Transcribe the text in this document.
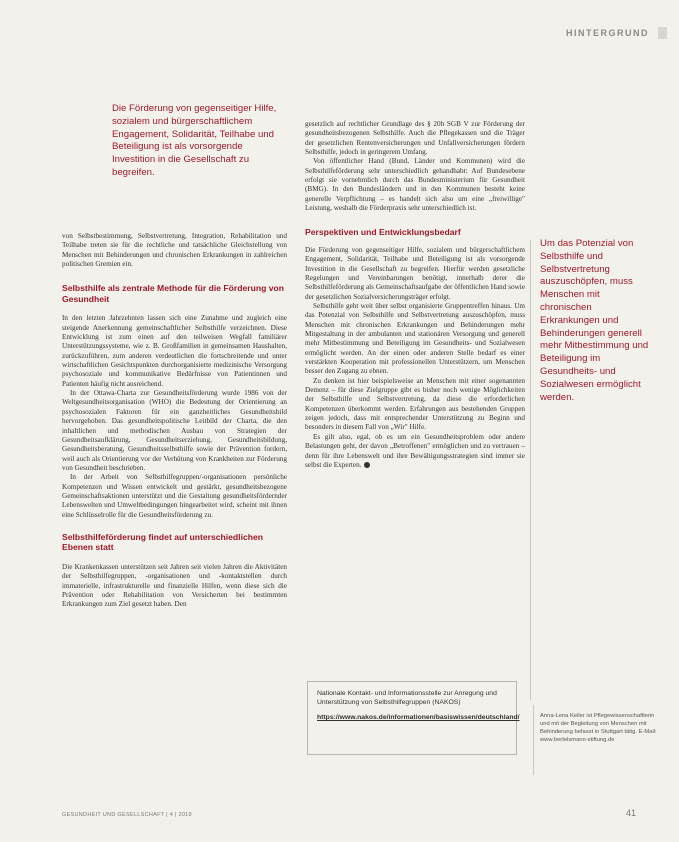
HINTERGRUND
Die Förderung von gegenseitiger Hilfe, sozialem und bürgerschaftlichem Engagement, Solidarität, Teilhabe und Beteiligung ist als vorsorgende Investition in die Gesellschaft zu begreifen.

von Selbstbestimmung, Selbstvertretung, Integration, Rehabilitation und Teilhabe treten sie für die rechtliche und tatsächliche Gleichstellung von Menschen mit Behinderungen und chronischen Erkrankungen in zahlreichen politischen Gremien ein.

Selbsthilfe als zentrale Methode für die Förderung von Gesundheit

In den letzten Jahrzehnten lassen sich eine Zunahme und zugleich eine steigende Anerkennung gemeinschaftlicher Selbsthilfe verzeichnen. Diese Entwicklung ist zum einen auf den teilweisen Wegfall familiärer Unterstützungssysteme, wie z. B. Großfamilien in gemeinsamen Haushalten, zurückzuführen, zum anderen verdeutlichen die fortschreitende und unter wirtschaftlichen Gesichtspunkten durchorganisierte medizinische Versorgung psychosoziale und kommunikative Bedürfnisse von Patientinnen und Patienten häufig nicht ausreichend.

In der Ottawa-Charta zur Gesundheitsförderung wurde 1986 von der Weltgesundheitsorganisation (WHO) die Bedeutung der Orientierung an psychosozialen Faktoren für ein ganzheitliches Gesundheitsbild hervorgehoben. Das gesundheitspolitische Leitbild der Charta, die den inhaltlichen und methodischen Ausbau von Strategien der Gesundheitsaufklärung, Gesundheitserziehung, Gesundheitsbildung, Gesundheitsberatung, Gesundheitsselbsthilfe sowie der Prävention fordern, weil auch als Orientierung vor der Verhütung von Krankheiten zur Förderung von Gesundheit beschrieben.

In der Arbeit von Selbsthilfegruppen/-organisationen persönliche Kompetenzen und Wissen entwickelt und gestärkt, gesundheitsbezogene Gemeinschaftsaktionen unterstützt und die Gestaltung gesundheitsfördernder Lebenswelten und Umweltbedingungen hingearbeitet wird, scheint mit ihnen eine Schlüsselrolle für die Gesundheitsförderung zu.

Selbsthilfeförderung findet auf unterschiedlichen Ebenen statt

Die Krankenkassen unterstützen seit Jahren seit vielen Jahren die Aktivitäten der Selbsthilfegruppen, -organisationen und -kontaktstellen durch immaterielle, infrastrukturelle und finanzielle Hilfen, wenn diese sich die Prävention oder Rehabilitation von Versicherten bei bestimmten Erkrankungen zum Ziel gesetzt haben. Den

gesetzlich auf rechtlicher Grundlage des § 20h SGB V zur Förderung der gesundheitsbezogenen Selbsthilfe. Auch die Pflegekassen und die Träger der gesetzlichen Rentenversicherungen und Unfallversicherungen fördern Selbsthilfe, jedoch in geringerem Umfang.

Von öffentlicher Hand (Bund, Länder und Kommunen) wird die Selbsthilfeförderung sehr unterschiedlich gehandhabt: Auf Bundesebene erfolgt sie vornehmlich durch das Bundesministerium für Gesundheit (BMG). In den Bundesländern und in den Kommunen besteht keine generelle Verpflichtung – es handelt sich also um eine „freiwillige" Leistung, weshalb die Förderpraxis sehr unterschiedlich ist.

Perspektiven und Entwicklungsbedarf

Die Förderung von gegenseitiger Hilfe, sozialem und bürgerschaftlichem Engagement, Solidarität, Teilhabe und Beteiligung ist als vorsorgende Investition in die Gesellschaft zu begreifen. Hierfür werden gesetzliche Regelungen und Vereinbarungen benötigt, innerhalb derer die Selbsthilfeförderung als Gemeinschaftsaufgabe der öffentlichen Hand sowie der gesetzlichen Sozialversicherungsträger erfolgt.

Selbsthilfe geht weit über selbst organisierte Gruppentreffen hinaus. Um das Potenzial von Selbsthilfe und Selbstvertretung auszuschöpfen, muss Menschen mit chronischen Erkrankungen und Behinderungen mehr Mitgestaltung in der ambulanten und stationären Versorgung und generell mehr Mitbestimmung und Beteiligung im Gesundheits- und Sozialwesen ermöglicht werden. An der einen oder anderen Stelle bedarf es einer verstärkten Kooperation mit professionellen Unterstützern, um Menschen besser den Zugang zu ebnen.

Zu denken ist hier beispielsweise an Menschen mit einer sogenannten Demenz – für diese Zielgruppe gibt es bisher noch wenige Möglichkeiten der Selbsthilfe und Selbstvertretung, da diese die erforderlichen Kompetenzen überkommt werden. Erfahrungen aus bestehenden Gruppen zeigen jedoch, dass mit entsprechender Unterstützung zu Beginn und besonders in diesem Fall von „Wir" Hilfe.

Es gilt also, egal, ob es um ein Gesundheitsproblem oder andere Belastungen geht, der davon „Betroffenen" ermöglichen und zu vertrauen – denn für ihre Lebenswelt und ihre Bewältigungsstrategien sind immer sie selbst die Experten.

Um das Potenzial von Selbsthilfe und Selbstvertretung auszuschöpfen, muss Menschen mit chronischen Erkrankungen und Behinderungen generell mehr Mitbestimmung und Beteiligung im Gesundheits- und Sozialwesen ermöglicht werden.
Anna-Lena Keller ist Pflegewissenschaftlerin und mit der Begleitung von Menschen mit Behinderung befasst in Stuttgart tätig. E-Mail: www.bertelsmann-stiftung.de

Nationale Kontakt- und Informationsstelle zur Anregung und Unterstützung von Selbsthilfegruppen (NAKOS)

https://www.nakos.de/informationen/basiswissen/deutschland/

GESUNDHEIT UND GESELLSCHAFT | 4 | 2019	41
